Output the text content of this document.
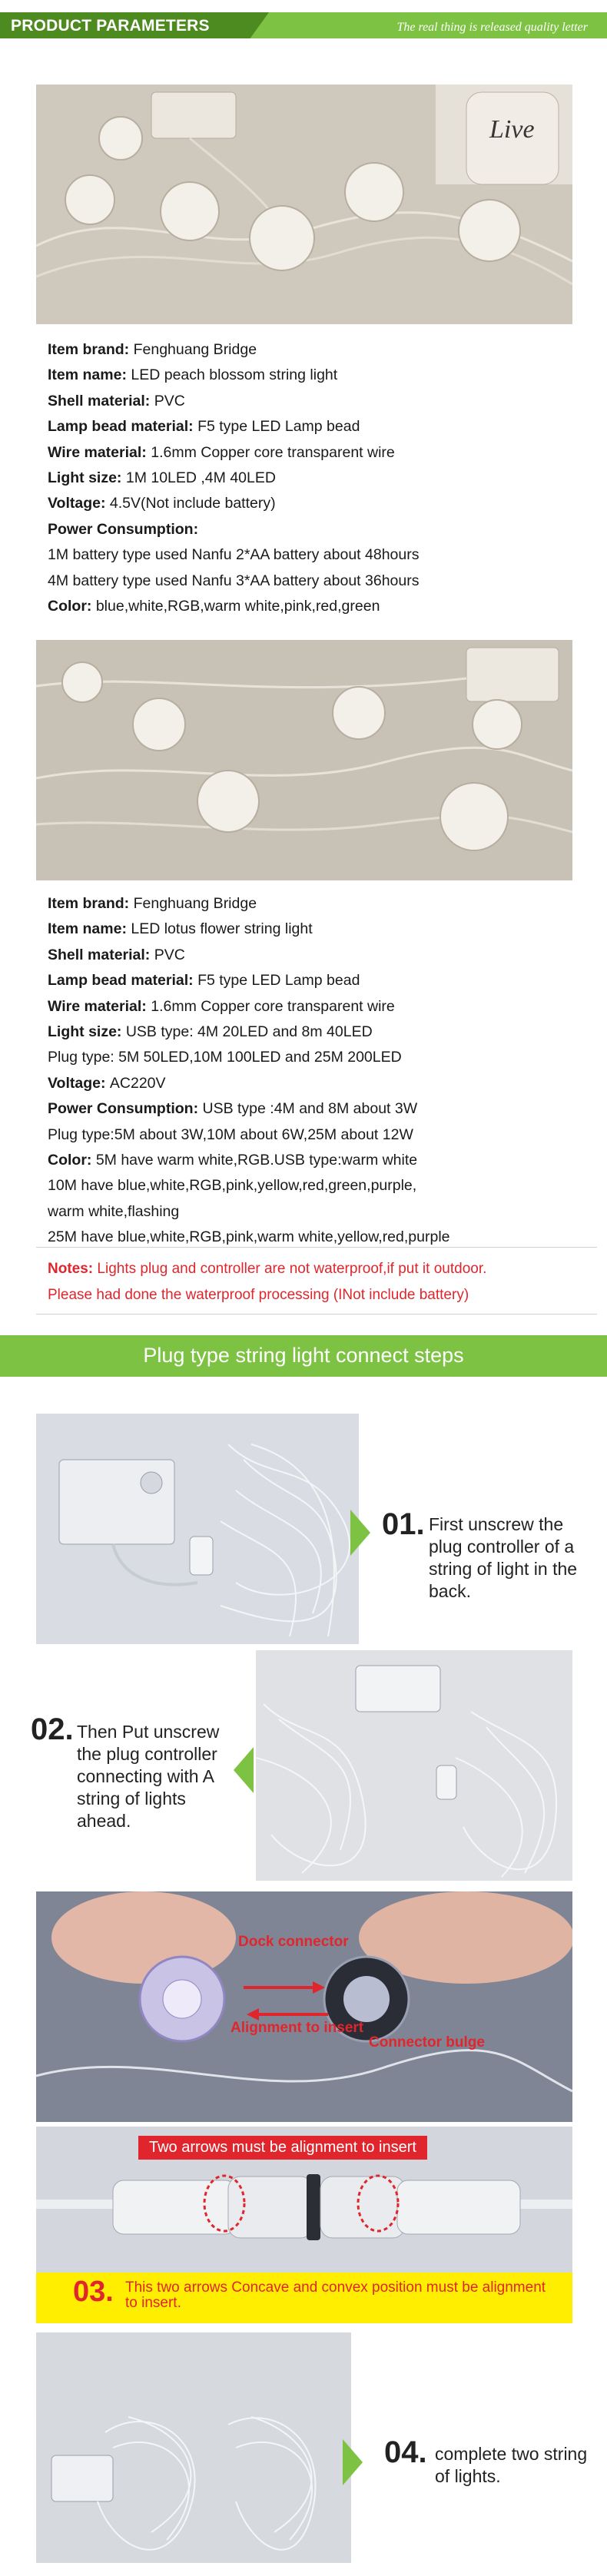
PRODUCT PARAMETERS	The real thing is released quality letter
Live
Item brand: Fenghuang Bridge
Item name: LED peach blossom string light
Shell material: PVC
Lamp bead material: F5 type LED Lamp bead
Wire material: 1.6mm Copper core transparent wire
Light size: 1M 10LED ,4M 40LED
Voltage: 4.5V(Not include battery)
Power Consumption:
1M battery type used Nanfu 2*AA battery about 48hours
4M battery type used Nanfu 3*AA battery about 36hours
Color: blue,white,RGB,warm white,pink,red,green
Item brand: Fenghuang Bridge
Item name: LED lotus flower string light
Shell material: PVC
Lamp bead material: F5 type LED Lamp bead
Wire material: 1.6mm Copper core transparent wire
Light size: USB type: 4M 20LED and 8m 40LED
Plug type: 5M 50LED,10M 100LED and 25M 200LED
Voltage: AC220V
Power Consumption: USB type :4M and 8M about 3W
Plug type:5M about 3W,10M about 6W,25M about 12W
Color: 5M have warm white,RGB.USB type:warm white
10M have blue,white,RGB,pink,yellow,red,green,purple,
warm white,flashing
25M have blue,white,RGB,pink,warm white,yellow,red,purple
Notes: Lights plug and controller are not waterproof,if put it outdoor.
Please had done the waterproof processing (INot include battery)
Plug type string light connect steps
01. First unscrew the plug controller of a string of light in the back.
02. Then Put unscrew the plug controller connecting with A string of lights ahead.
Dock connector
Alignment to insert
Connector bulge
Two arrows must be alignment to insert
03. This two arrows Concave and convex position must be alignment to insert.
04. complete two string of lights.
